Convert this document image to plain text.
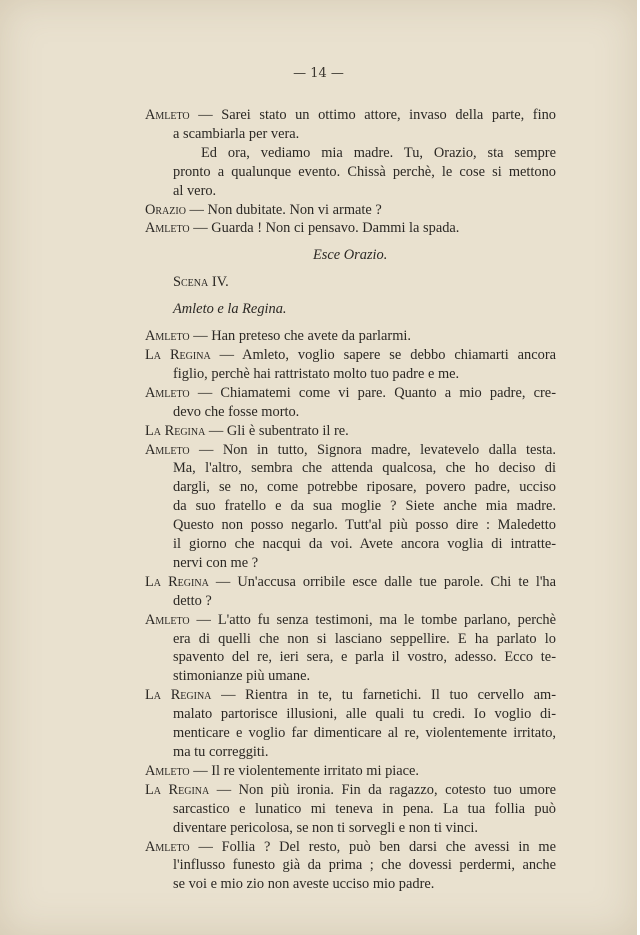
— 14 —
Amleto — Sarei stato un ottimo attore, invaso della parte, fino
a scambiarla per vera.
Ed ora, vediamo mia madre. Tu, Orazio, sta sempre
pronto a qualunque evento. Chissà perchè, le cose si mettono
al vero.
Orazio — Non dubitate. Non vi armate ?
Amleto — Guarda ! Non ci pensavo. Dammi la spada.
Esce Orazio.
Scena IV.
Amleto e la Regina.
Amleto — Han preteso che avete da parlarmi.
La Regina — Amleto, voglio sapere se debbo chiamarti ancora
figlio, perchè hai rattristato molto tuo padre e me.
Amleto — Chiamatemi come vi pare. Quanto a mio padre, cre-
devo che fosse morto.
La Regina — Gli è subentrato il re.
Amleto — Non in tutto, Signora madre, levatevelo dalla testa.
Ma, l'altro, sembra che attenda qualcosa, che ho deciso di
dargli, se no, come potrebbe riposare, povero padre, ucciso
da suo fratello e da sua moglie ? Siete anche mia madre.
Questo non posso negarlo. Tutt'al più posso dire : Maledetto
il giorno che nacqui da voi. Avete ancora voglia di intratte-
nervi con me ?
La Regina — Un'accusa orribile esce dalle tue parole. Chi te l'ha
detto ?
Amleto — L'atto fu senza testimoni, ma le tombe parlano, perchè
era di quelli che non si lasciano seppellire. E ha parlato lo
spavento del re, ieri sera, e parla il vostro, adesso. Ecco te-
stimonianze più umane.
La Regina — Rientra in te, tu farnetichi. Il tuo cervello am-
malato partorisce illusioni, alle quali tu credi. Io voglio di-
menticare e voglio far dimenticare al re, violentemente irritato,
ma tu correggiti.
Amleto — Il re violentemente irritato mi piace.
La Regina — Non più ironia. Fin da ragazzo, cotesto tuo umore
sarcastico e lunatico mi teneva in pena. La tua follia può
diventare pericolosa, se non ti sorvegli e non ti vinci.
Amleto — Follia ? Del resto, può ben darsi che avessi in me
l'influsso funesto già da prima ; che dovessi perdermi, anche
se voi e mio zio non aveste ucciso mio padre.
